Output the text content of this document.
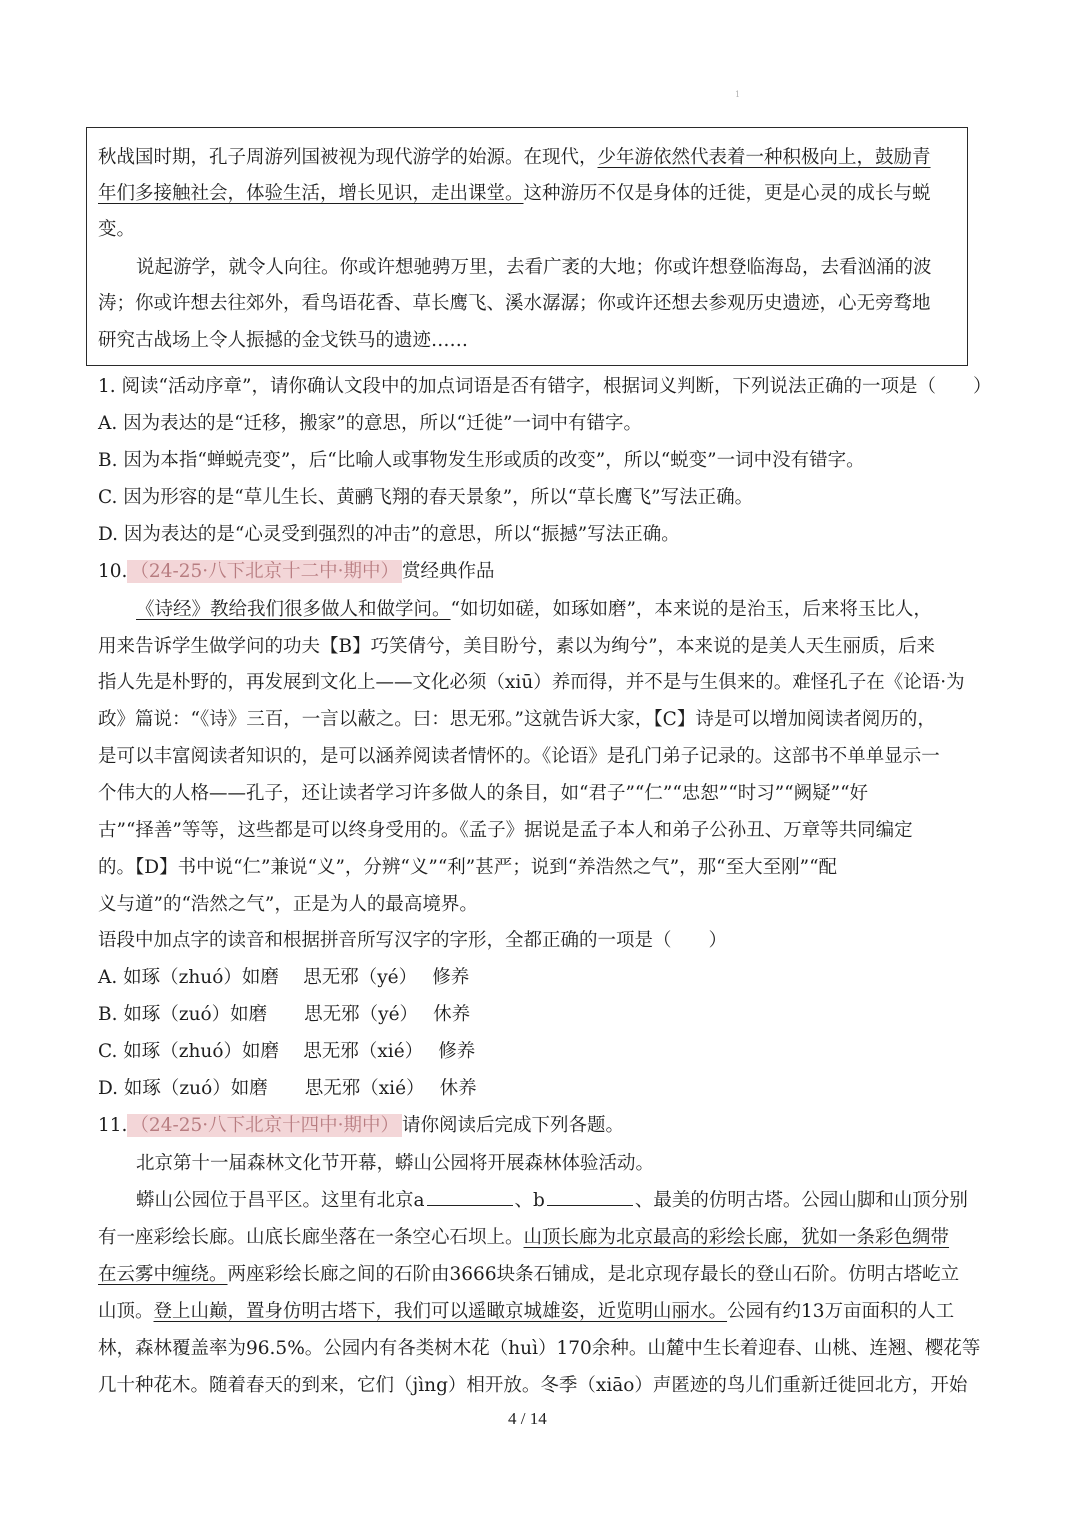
1
秋战国时期，孔子周游列国被视为现代游学的始源。在现代，少年游依然代表着一种积极向上，鼓励青
年们多接触社会，体验生活，增长见识，走出课堂。这种游历不仅是身体的迁徙，更是心灵的成长与蜕
变。
说起游学，就令人向往。你或许想驰骋万里，去看广袤的大地；你或许想登临海岛，去看汹涌的波
涛；你或许想去往郊外，看鸟语花香、草长鹰飞、溪水潺潺；你或许还想去参观历史遗迹，心无旁骛地
研究古战场上令人振撼的金戈铁马的遗迹……
1. 阅读“活动序章”，请你确认文段中的加点词语是否有错字，根据词义判断，下列说法正确的一项是（　　）
A. 因为表达的是“迁移，搬家”的意思，所以“迁徙”一词中有错字。
B. 因为本指“蝉蜕壳变”，后“比喻人或事物发生形或质的改变”，所以“蜕变”一词中没有错字。
C. 因为形容的是“草儿生长、黄鹂飞翔的春天景象”，所以“草长鹰飞”写法正确。
D. 因为表达的是“心灵受到强烈的冲击”的意思，所以“振撼”写法正确。
10. （24-25·八下北京十二中·期中） 赏经典作品
《诗经》教给我们很多做人和做学问。“如切如磋，如琢如磨”，本来说的是治玉，后来将玉比人，
用来告诉学生做学问的功夫【B】巧笑倩兮，美目盼兮，素以为绚兮”，本来说的是美人天生丽质，后来
指人先是朴野的，再发展到文化上——文化必须（xiū）养而得，并不是与生俱来的。难怪孔子在《论语·为
政》篇说：“《诗》三百，一言以蔽之。曰：思无邪。”这就告诉大家，【C】诗是可以增加阅读者阅历的，
是可以丰富阅读者知识的，是可以涵养阅读者情怀的。《论语》是孔门弟子记录的。这部书不单单显示一
个伟大的人格——孔子，还让读者学习许多做人的条目，如“君子”“仁”“忠恕”“时习”“阙疑”“好
古”“择善”等等，这些都是可以终身受用的。《孟子》据说是孟子本人和弟子公孙丑、万章等共同编定
的。【D】书中说“仁”兼说“义”，分辨“义”“利”甚严；说到“养浩然之气”，那“至大至刚”“配
义与道”的“浩然之气”，正是为人的最高境界。
语段中加点字的读音和根据拼音所写汉字的字形，全都正确的一项是（　　）
A. 如琢（zhuó）如磨　 思无邪（yé）　 修养
B. 如琢（zuó）如磨　　思无邪（yé）　 休养
C. 如琢（zhuó）如磨　 思无邪（xié）　 修养
D. 如琢（zuó）如磨　　思无邪（xié）　 休养
11. （24-25·八下北京十四中·期中） 请你阅读后完成下列各题。
北京第十一届森林文化节开幕，蟒山公园将开展森林体验活动。
蟒山公园位于昌平区。这里有北京a	、b	、最美的仿明古塔。公园山脚和山顶分别
有一座彩绘长廊。山底长廊坐落在一条空心石坝上。山顶长廊为北京最高的彩绘长廊，犹如一条彩色绸带
在云雾中缠绕。两座彩绘长廊之间的石阶由3666块条石铺成，是北京现存最长的登山石阶。仿明古塔屹立
山顶。登上山巅，置身仿明古塔下，我们可以遥瞰京城雄姿，近览明山丽水。公园有约13万亩面积的人工
林，森林覆盖率为96.5%。公园内有各类树木花（huì）170余种。山麓中生长着迎春、山桃、连翘、樱花等
几十种花木。随着春天的到来，它们（jìng）相开放。冬季（xiāo）声匿迹的鸟儿们重新迁徙回北方，开始
4 / 14
